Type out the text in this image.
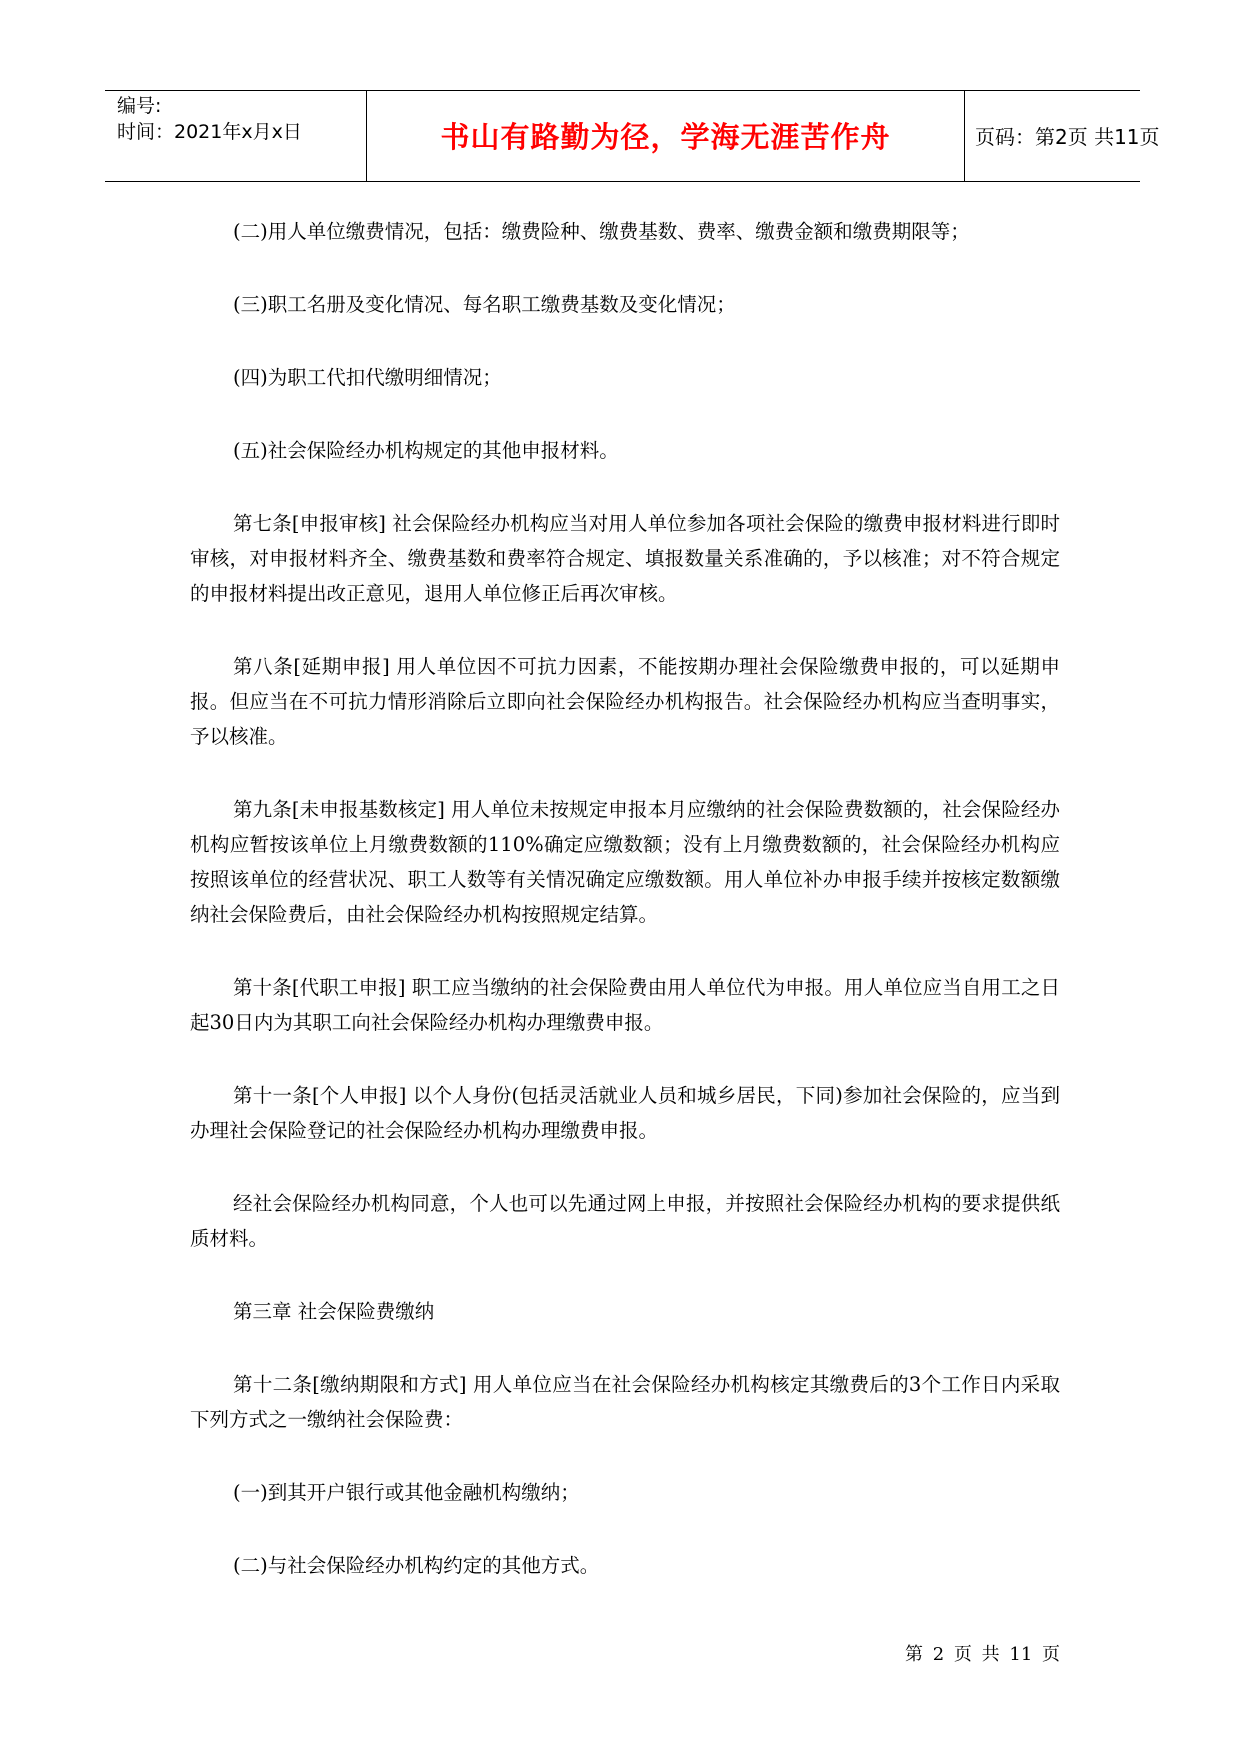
编号:
时间：2021年x月x日	书山有路勤为径，学海无涯苦作舟	页码：第2页 共11页

(二)用人单位缴费情况，包括：缴费险种、缴费基数、费率、缴费金额和缴费期限等；

(三)职工名册及变化情况、每名职工缴费基数及变化情况；

(四)为职工代扣代缴明细情况；

(五)社会保险经办机构规定的其他申报材料。

第七条[申报审核] 社会保险经办机构应当对用人单位参加各项社会保险的缴费申报材料进行即时审核，对申报材料齐全、缴费基数和费率符合规定、填报数量关系准确的，予以核准；对不符合规定的申报材料提出改正意见，退用人单位修正后再次审核。

第八条[延期申报] 用人单位因不可抗力因素，不能按期办理社会保险缴费申报的，可以延期申报。但应当在不可抗力情形消除后立即向社会保险经办机构报告。社会保险经办机构应当查明事实，予以核准。

第九条[未申报基数核定] 用人单位未按规定申报本月应缴纳的社会保险费数额的，社会保险经办机构应暂按该单位上月缴费数额的110%确定应缴数额；没有上月缴费数额的，社会保险经办机构应按照该单位的经营状况、职工人数等有关情况确定应缴数额。用人单位补办申报手续并按核定数额缴纳社会保险费后，由社会保险经办机构按照规定结算。

第十条[代职工申报] 职工应当缴纳的社会保险费由用人单位代为申报。用人单位应当自用工之日起30日内为其职工向社会保险经办机构办理缴费申报。

第十一条[个人申报] 以个人身份(包括灵活就业人员和城乡居民，下同)参加社会保险的，应当到办理社会保险登记的社会保险经办机构办理缴费申报。

经社会保险经办机构同意，个人也可以先通过网上申报，并按照社会保险经办机构的要求提供纸质材料。

第三章 社会保险费缴纳

第十二条[缴纳期限和方式] 用人单位应当在社会保险经办机构核定其缴费后的3个工作日内采取下列方式之一缴纳社会保险费：

(一)到其开户银行或其他金融机构缴纳；

(二)与社会保险经办机构约定的其他方式。

第 2 页 共 11 页
